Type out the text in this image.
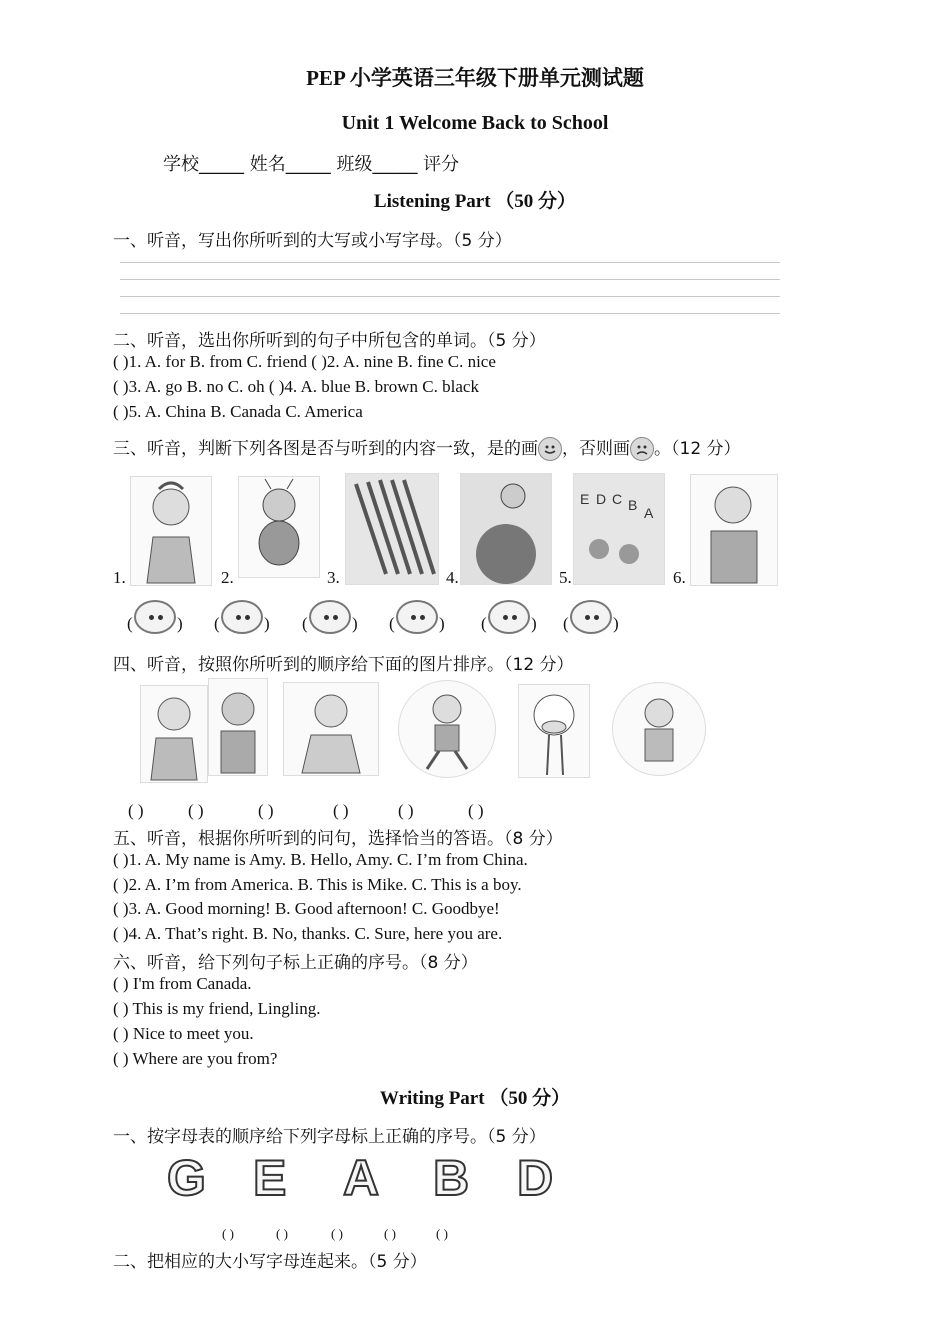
PEP 小学英语三年级下册单元测试题
Unit 1 Welcome Back to School
学校_____ 姓名_____ 班级_____ 评分
Listening Part （50 分）
一、听音，写出你所听到的大写或小写字母。（5 分）
二、听音，选出你所听到的句子中所包含的单词。（5 分）
( )1. A. for B. from C. friend ( )2. A. nine B. fine C. nice
( )3. A. go B. no C. oh ( )4. A. blue B. brown C. black
( )5. A. China B. Canada C. America
三、听音，判断下列各图是否与听到的内容一致，是的画 ，否则画 。（12 分）
1.	2.	3.	4.	5.
E D C B A
6.
(	) (	) (	) (	) (	) (	)
四、听音，按照你所听到的顺序给下面的图片排序。（12 分）
( )	( )	( )	( )	( )	( )
五、听音，根据你所听到的问句，选择恰当的答语。（8 分）
( )1. A. My name is Amy. B. Hello, Amy. C. I’m from China.
( )2. A. I’m from America. B. This is Mike. C. This is a boy.
( )3. A. Good morning! B. Good afternoon! C. Goodbye!
( )4. A. That’s right. B. No, thanks. C. Sure, here you are.
六、听音，给下列句子标上正确的序号。（8 分）
( ) I'm from Canada.
( ) This is my friend, Lingling.
( ) Nice to meet you.
( ) Where are you from?
Writing Part （50 分）
一、按字母表的顺序给下列字母标上正确的序号。（5 分）
G E A B D
( )	( )	( )	( )	( )
二、把相应的大小写字母连起来。（5 分）
